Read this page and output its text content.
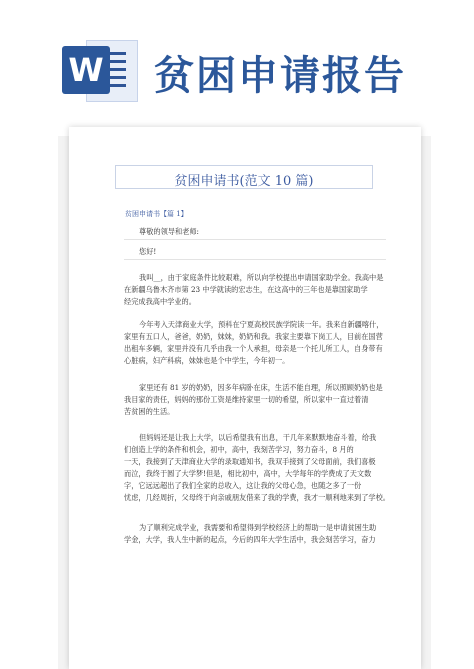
W 贫困申请报告
贫困申请书(范文 10 篇)
贫困申请书【篇 1】
尊敬的领导和老师:
您好!
我叫__，由于家庭条件比较艰难，所以向学校提出申请国家助学金。我高中是
在新疆乌鲁木齐市第 23 中学就读的宏志生，在这高中的三年也是靠国家助学
经完成我高中学业的。
今年考入天津商业大学，预科在宁夏高校民族学院读一年。我来自新疆喀什，
家里有五口人，爸爸，奶奶，妹妹，奶奶和我。我家主要靠下岗工人，目前在国营
出租车多辆，家里并没有几乎由我一个人承担，母亲是一个托儿所工人，自身带有
心脏病，妇产科病，妹妹也是个中学生，今年初一。
家里还有 81 岁的奶奶，因多年病卧在床，生活不能自理，所以照顾奶奶也是
我目家的责任，妈妈的那份工资是维持家里一切的希望，所以家中一直过着清
苦贫困的生活。
但妈妈还是让我上大学，以后希望我有出息，干几年来默默地奋斗着，给我
们创造上学的条件和机会，初中，高中，我刻苦学习，努力奋斗，8 月的
一天，我接到了天津商业大学的录取通知书，我双手接到了父母面前，我们喜极
而泣，我终于圆了大学梦!但是，相比初中，高中，大学每年的学费成了天文数
字，它远远超出了我们全家的总收入，这让我的父母心急，也随之多了一份
忧虑，几经周折，父母终于向亲戚朋友借来了我的学费，我才一顺利地来到了学校。
为了顺利完成学业，我需要和希望得到学校经济上的帮助一是申请贫困生助
学金，大学，我人生中新的起点，今后的四年大学生活中，我会刻苦学习，奋力
